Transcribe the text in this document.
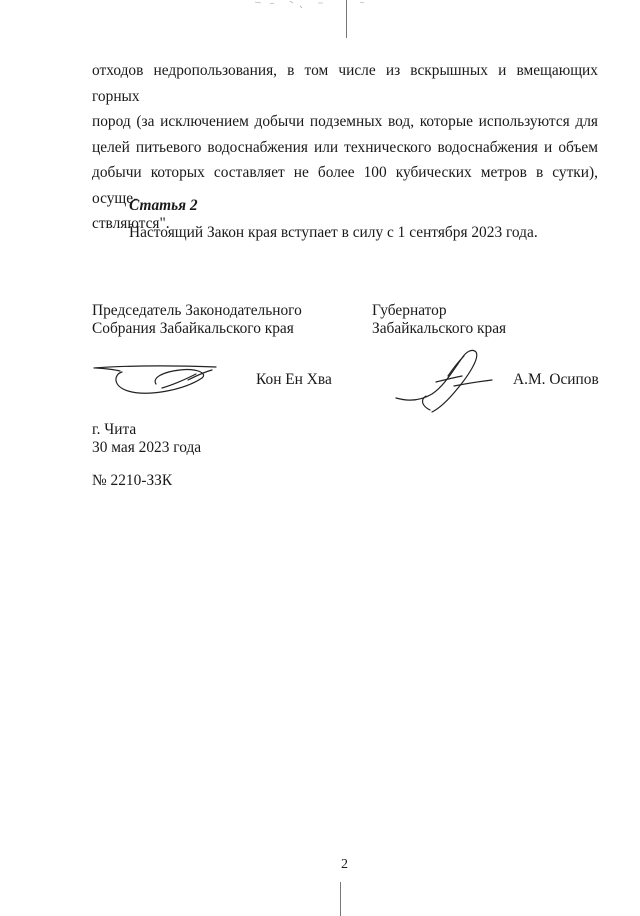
отходов недропользования, в том числе из вскрышных и вмещающих горных

пород (за исключением добычи подземных вод, которые используются для

целей питьевого водоснабжения или технического водоснабжения и объем

добычи которых составляет не более 100 кубических метров в сутки), осуще-

ствляются".

Статья 2
Настоящий Закон края вступает в силу с 1 сентября 2023 года.
Председатель Законодательного
Собрания Забайкальского края
Губернатор
Забайкальского края
Кон Ен Хва	А.М. Осипов
г. Чита
30 мая 2023 года
№ 2210-ЗЗК
2
